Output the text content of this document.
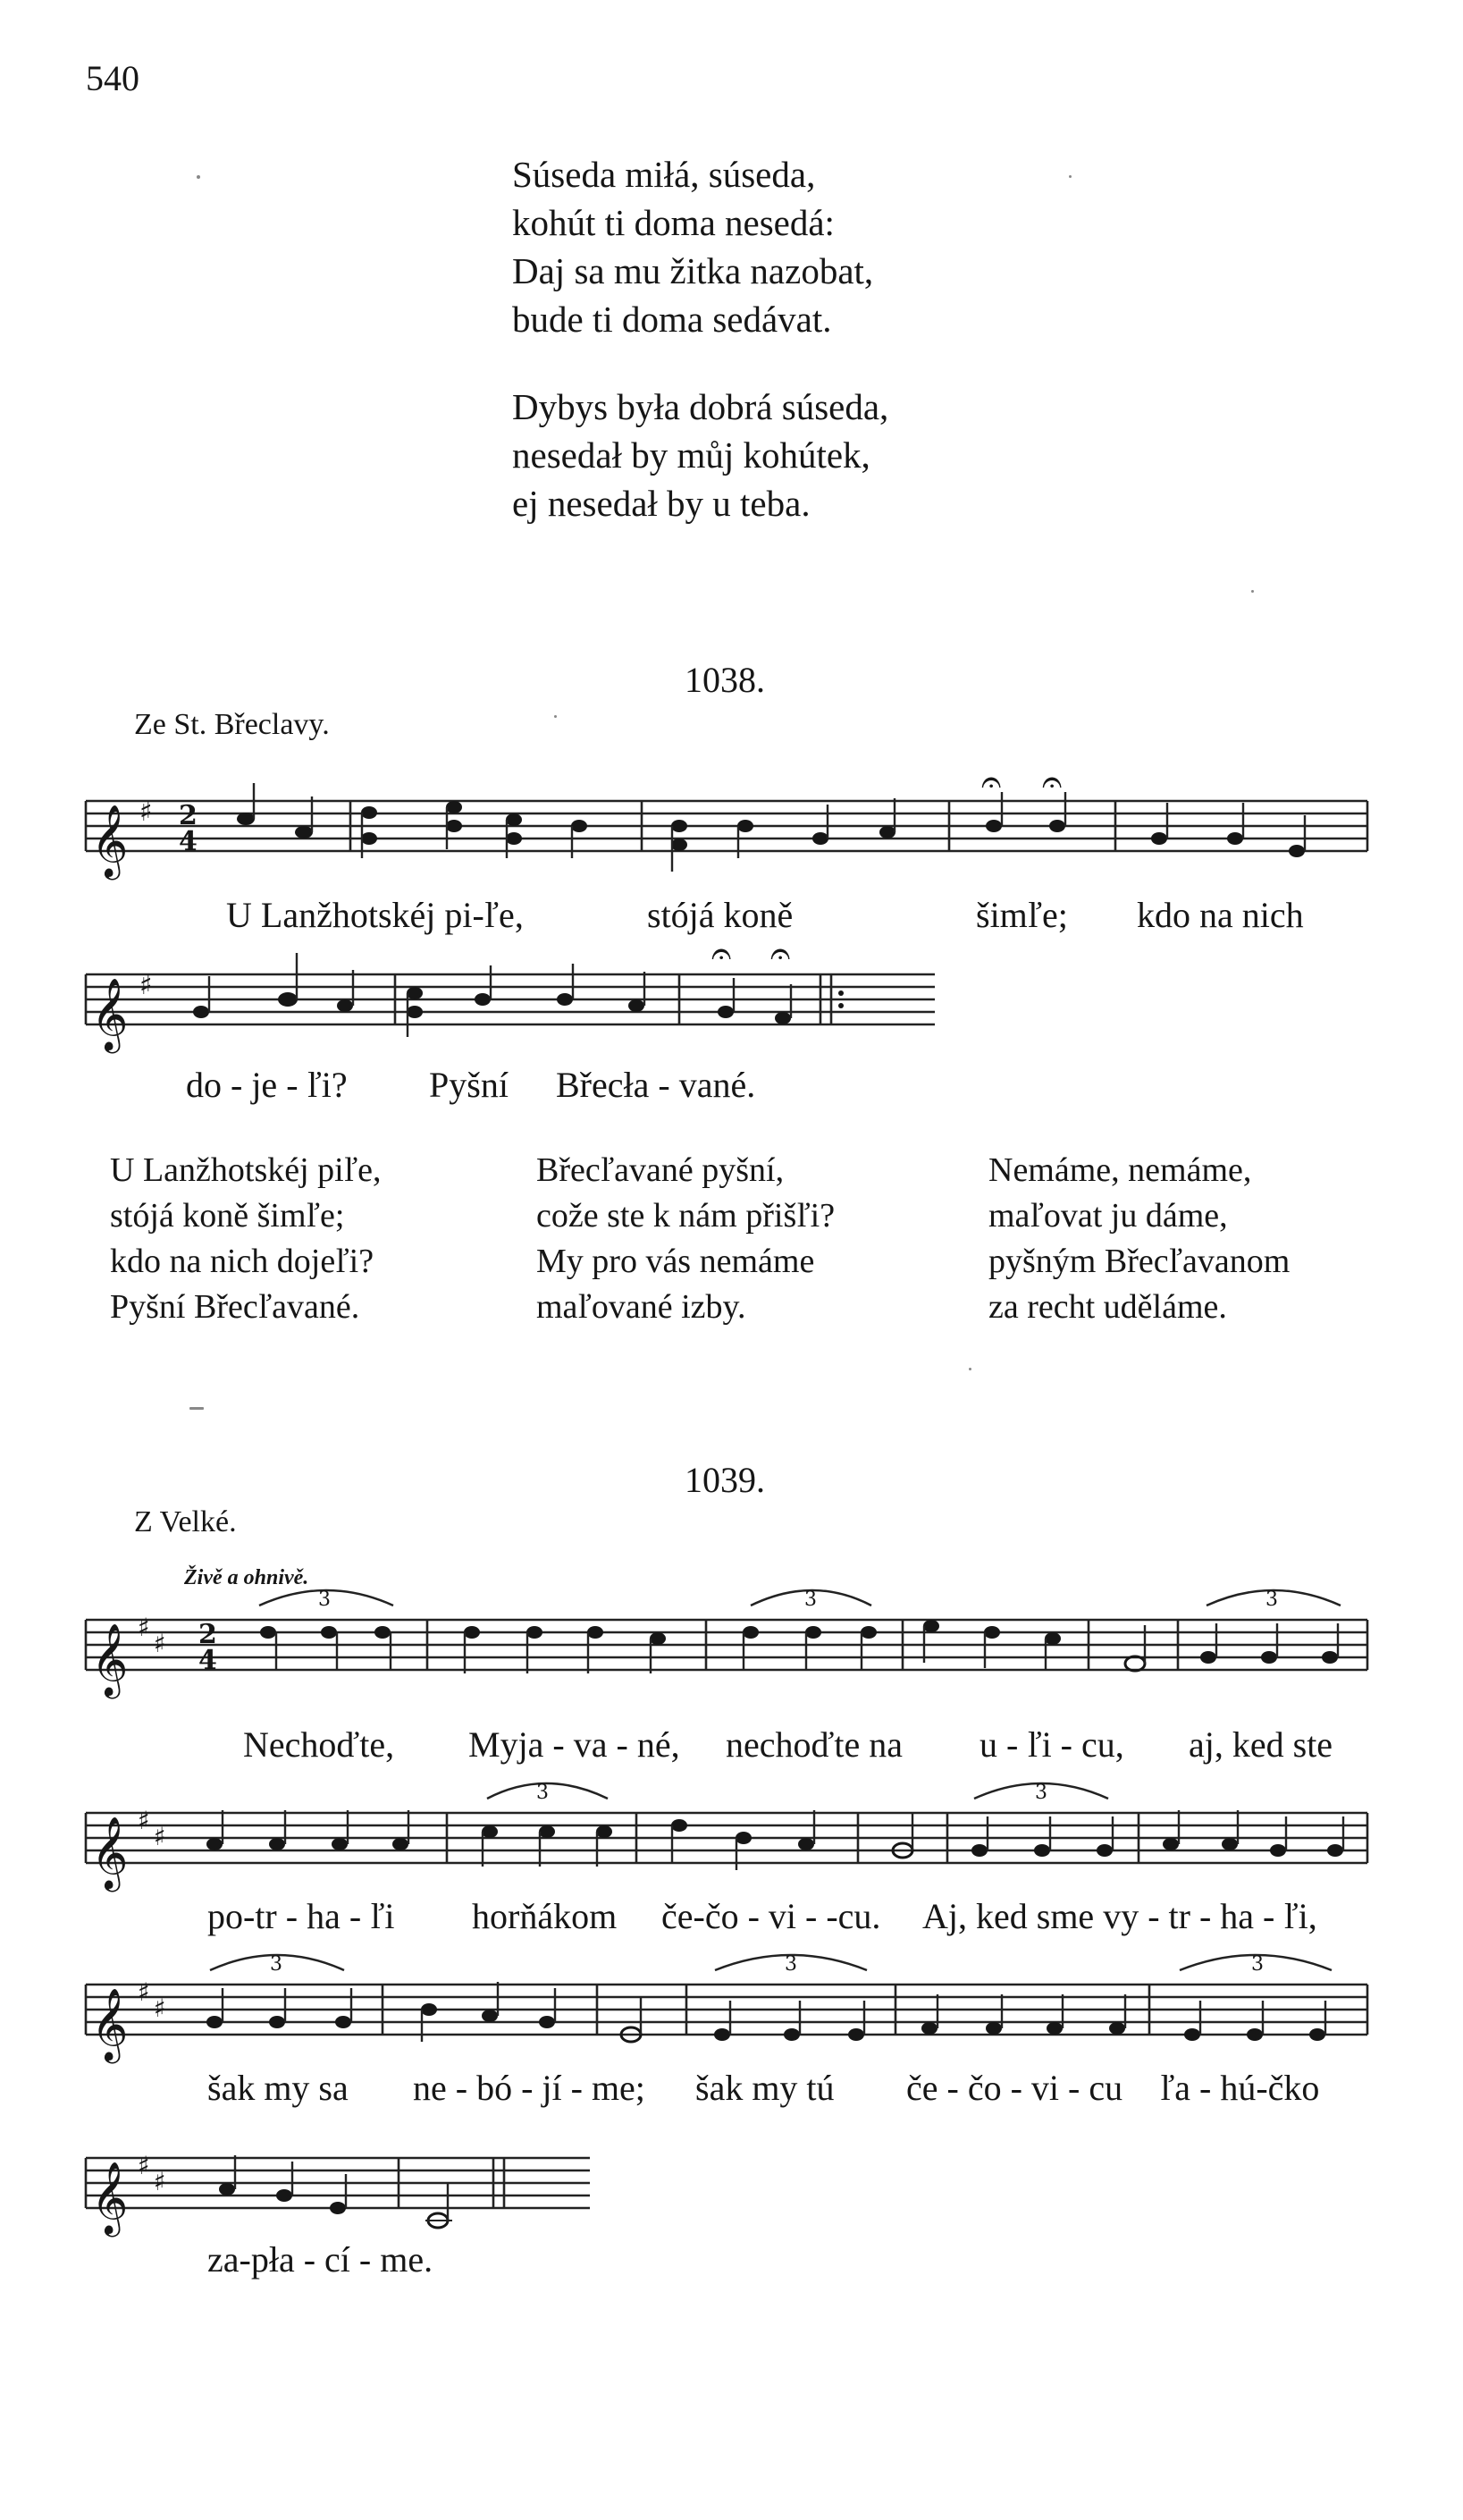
540
Súseda miłá, súseda,
kohút ti doma nesedá:
Daj sa mu žitka nazobat,
bude ti doma sedávat.
Dybys była dobrá súseda,
nesedał by můj kohútek,
ej nesedał by u teba.
1038.
Ze St. Břeclavy.
𝄞 ♯ 2
4
𝄐 𝄐
𝄞 ♯
𝄐 𝄐
𝄞 ♯
♯ 2
4
3	3	3
𝄞 ♯
♯
3	3
𝄞 ♯
♯
3	3	3
𝄞 ♯
♯
U Lanžhotskéj pi-ľe,	stójá koně	šimľe; kdo na nich
do - je - ľi? Pyšní Břecła - vané.
U Lanžhotskéj piľe,
stójá koně šimľe;
kdo na nich dojeľi?
Pyšní Břecľavané.
Břecľavané pyšní,
cože ste k nám přišľi?
My pro vás nemáme
maľované izby.
Nemáme, nemáme,
maľovat ju dáme,
pyšným Břecľavanom
za recht uděláme.
1039.
Z Velké.
Živě a ohnivě.
Nechoďte, Myja - va - né, nechoďte na u - ľi - cu, aj, ked ste
po-tr - ha - ľi horňákom če-čo - vi - -cu. Aj, ked sme vy - tr - ha - ľi,
šak my sa ne - bó - jí - me; šak my tú če - čo - vi - cu ľa - hú-čko
za-pła - cí - me.
